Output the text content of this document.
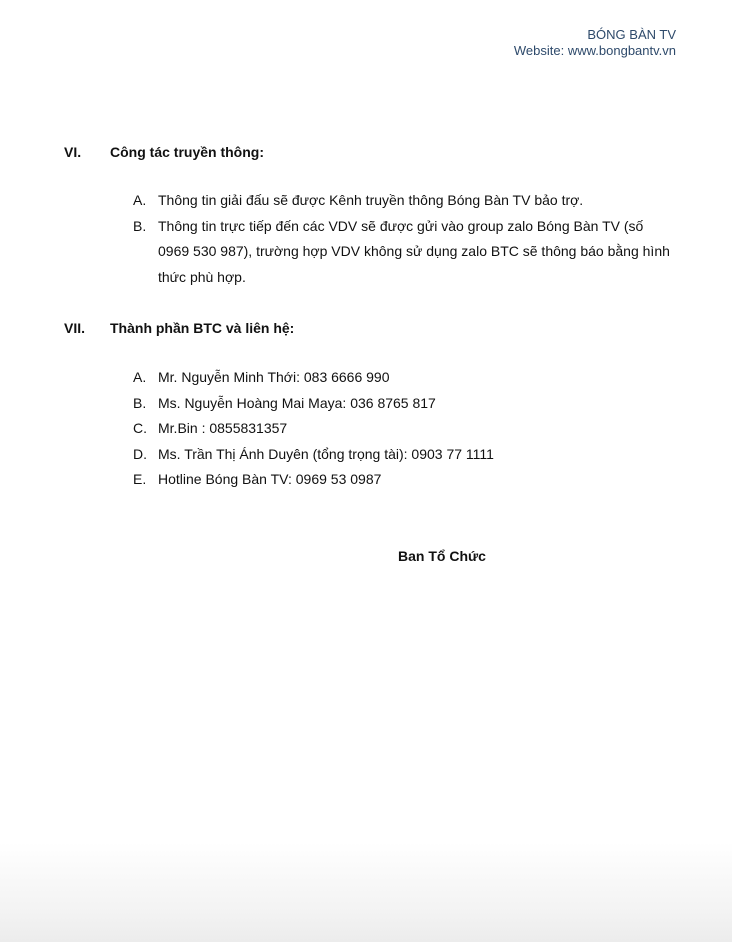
BÓNG BÀN TV
Website: www.bongbantv.vn
VI. Công tác truyền thông:
A. Thông tin giải đấu sẽ được Kênh truyền thông Bóng Bàn TV bảo trợ.
B. Thông tin trực tiếp đến các VDV sẽ được gửi vào group zalo Bóng Bàn TV (số 0969 530 987), trường hợp VDV không sử dụng zalo BTC sẽ thông báo bằng hình thức phù hợp.
VII. Thành phần BTC và liên hệ:
A. Mr. Nguyễn Minh Thới: 083 6666 990
B. Ms. Nguyễn Hoàng Mai Maya: 036 8765 817
C. Mr.Bin : 0855831357
D. Ms. Trần Thị Ánh Duyên (tổng trọng tài): 0903 77 1111
E. Hotline Bóng Bàn TV: 0969 53 0987
Ban Tổ Chức
